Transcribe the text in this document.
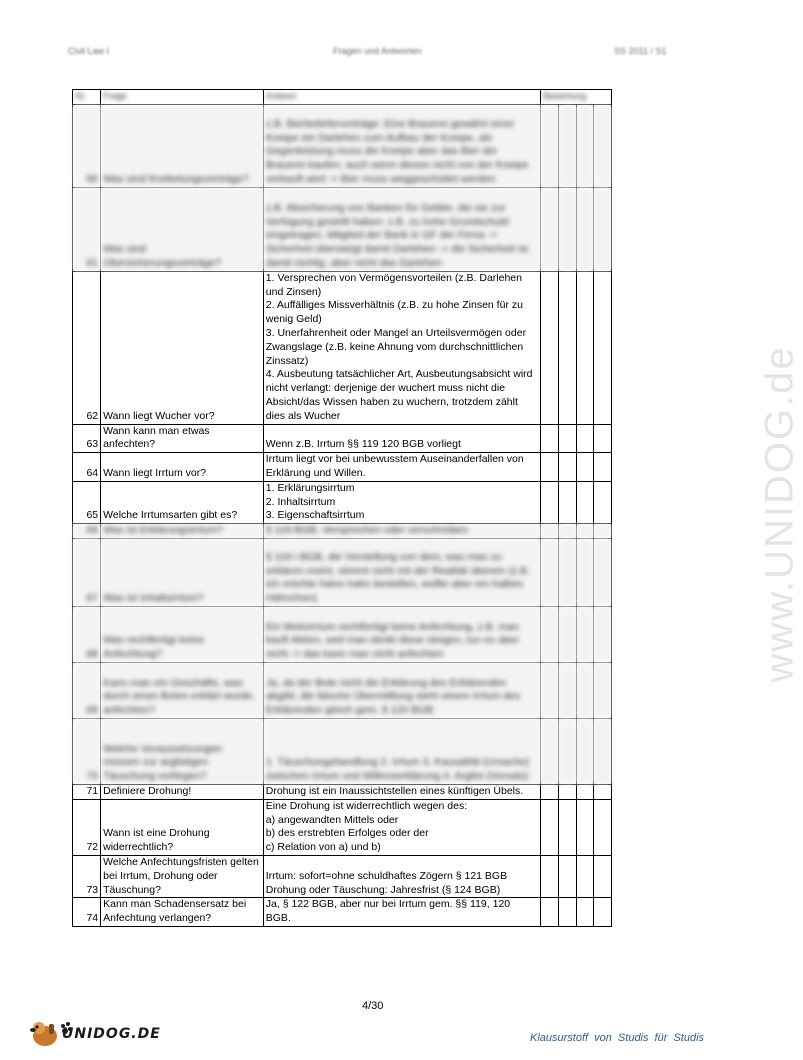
Civil Law I	Fragen und Antworten	SS 2011 / S1
www.UNIDOG.de
Nr.	Frage	Antwort	Bewertung			
60	Was sind Knebelungsverträge?	z.B. Bierbelieferverträge: Eine Brauerei gewährt einer Kneipe ein Darlehen zum Aufbau der Kneipe, als Gegenleistung muss die Kneipe aber das Bier der Brauerei kaufen, auch wenn dieses nicht von der Kneipe verkauft wird -> Bier muss weggeschüttet werden				
61	Was sind Übersicherungsverträge?	z.B. Absicherung von Banken für Gelder, die sie zur Verfügung gestellt haben: z.B. zu hohe Grundschuld eingetragen, Mitglied der Bank in GF der Firma -> Sicherheit übersteigt damit Darlehen -> die Sicherheit ist damit nichtig, aber nicht das Darlehen				
62	Wann liegt Wucher vor?	1. Versprechen von Vermögensvorteilen (z.B. Darlehen und Zinsen)
2. Auffälliges Missverhältnis (z.B. zu hohe Zinsen für zu wenig Geld)
3. Unerfahrenheit oder Mangel an Urteilsvermögen oder Zwangslage (z.B. keine Ahnung vom durchschnittlichen Zinssatz)
4. Ausbeutung tatsächlicher Art, Ausbeutungsabsicht wird nicht verlangt: derjenige der wuchert muss nicht die Absicht/das Wissen haben zu wuchern, trotzdem zählt dies als Wucher				

63	Wann kann man etwas anfechten?	Wenn z.B. Irrtum §§ 119 120 BGB vorliegt				

64	Wann liegt Irrtum vor?	Irrtum liegt vor bei unbewusstem Auseinanderfallen von Erklärung und Willen.				

65	Welche Irrtumsarten gibt es?	1. Erklärungsirrtum
2. Inhaltsirrtum
3. Eigenschaftsirrtum				

66	Was ist Erklärungsirrtum?	§ 119 BGB, Versprechen oder verschreiben				
67	Was ist Inhaltsirrtum?	§ 119 I BGB, die Vorstellung von dem, was man zu erklären meint, stimmt nicht mit der Realität überein (z.B. ich möchte halve hahn bestellen, wollte aber ein halbes Hähnchen)				
68	Was rechtfertigt keine Anfechtung?	Ein Motivirrtum rechtfertigt keine Anfechtung, z.B. man kauft Aktien, weil man denkt diese steigen, tun es aber nicht -> das kann man nicht anfechten				
69	Kann man ein Geschäfts, was durch einen Boten erklärt wurde, anfechten?	Ja, da der Bote nicht die Erklärung des Erklärenden abgibt, die falsche Übermittlung steht einem Irrtum des Erklärenden gleich gem. § 120 BGB				
70	Welche Voraussetzungen müssen zur arglistigen Täuschung vorliegen?	1. Täuschungshandlung 2. Irrtum 3. Kausalität (Ursache) zwischen Irrtum und Willenserklärung 4. Arglist (Vorsatz)				
71	Definiere Drohung!	Drohung ist ein Inaussichtstellen eines künftigen Übels.				

72	Wann ist eine Drohung widerrechtlich?	Eine Drohung ist widerrechtlich wegen des:
a) angewandten Mittels oder
b) des erstrebten Erfolges oder der
c) Relation von a) und b)				

73	Welche Anfechtungsfristen gelten bei Irrtum, Drohung oder Täuschung?	Irrtum: sofort=ohne schuldhaftes Zögern § 121 BGB
Drohung oder Täuschung: Jahresfrist (§ 124 BGB)				

74	Kann man Schadensersatz bei Anfechtung verlangen?	Ja, § 122 BGB, aber nur bei Irrtum gem. §§ 119, 120 BGB.				

4/30
UNIDOG.DE	Klausurstoff von Studis für Studis
